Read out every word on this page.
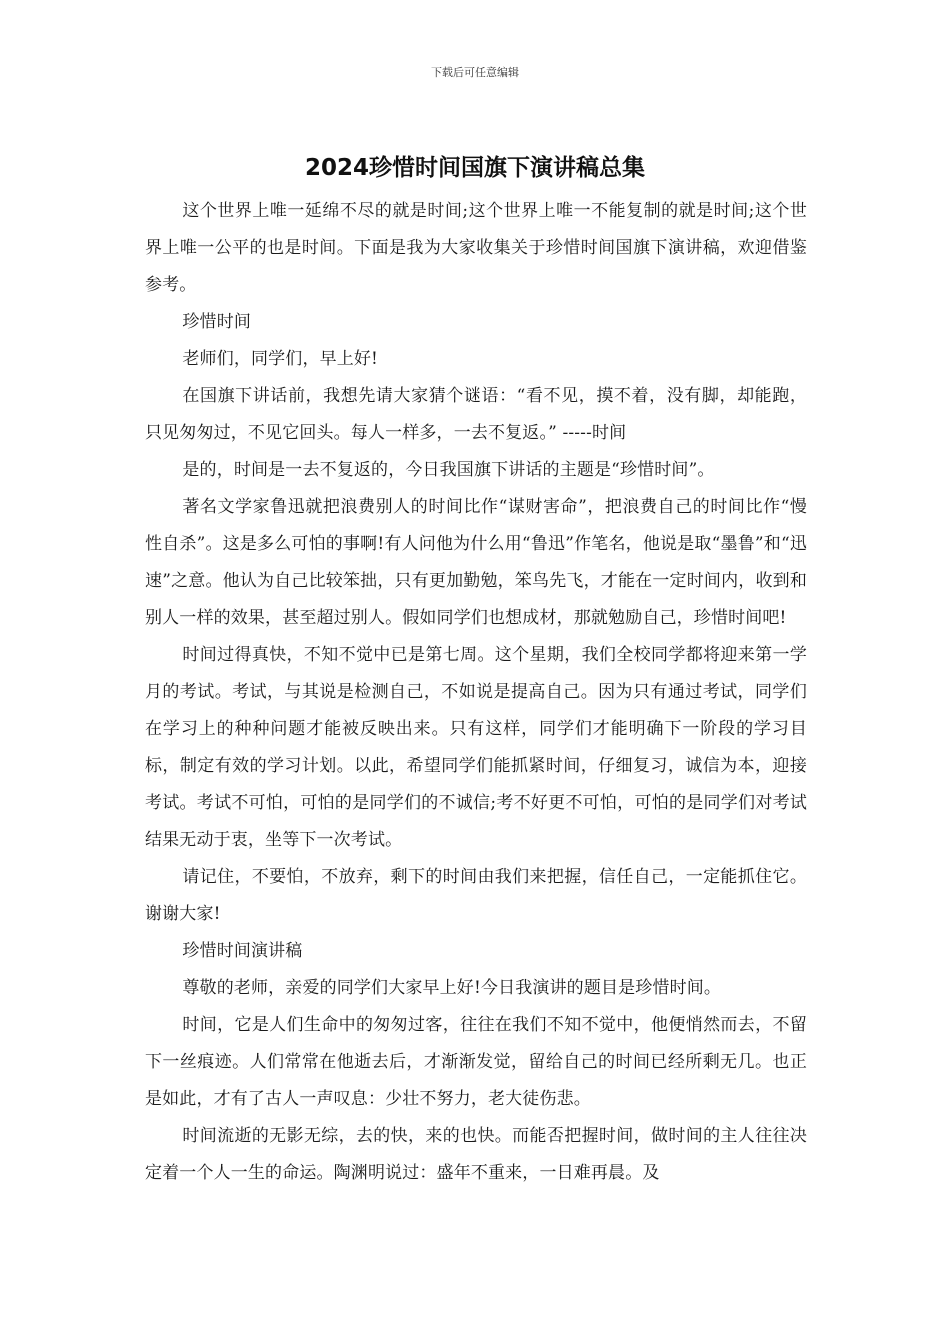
下载后可任意编辑
2024珍惜时间国旗下演讲稿总集

这个世界上唯一延绵不尽的就是时间;这个世界上唯一不能复制的就是时间;这个世界上唯一公平的也是时间。下面是我为大家收集关于珍惜时间国旗下演讲稿，欢迎借鉴参考。

珍惜时间

老师们，同学们，早上好!

在国旗下讲话前，我想先请大家猜个谜语：“看不见，摸不着，没有脚，却能跑，只见匆匆过，不见它回头。每人一样多，一去不复返。” -----时间

是的，时间是一去不复返的，今日我国旗下讲话的主题是“珍惜时间”。

著名文学家鲁迅就把浪费别人的时间比作“谋财害命”，把浪费自己的时间比作“慢性自杀”。这是多么可怕的事啊!有人问他为什么用“鲁迅”作笔名，他说是取“墨鲁”和“迅速”之意。他认为自己比较笨拙，只有更加勤勉，笨鸟先飞，才能在一定时间内，收到和别人一样的效果，甚至超过别人。假如同学们也想成材，那就勉励自己，珍惜时间吧!

时间过得真快，不知不觉中已是第七周。这个星期，我们全校同学都将迎来第一学月的考试。考试，与其说是检测自己，不如说是提高自己。因为只有通过考试，同学们在学习上的种种问题才能被反映出来。只有这样，同学们才能明确下一阶段的学习目标，制定有效的学习计划。以此，希望同学们能抓紧时间，仔细复习，诚信为本，迎接考试。考试不可怕，可怕的是同学们的不诚信;考不好更不可怕，可怕的是同学们对考试结果无动于衷，坐等下一次考试。

请记住，不要怕，不放弃，剩下的时间由我们来把握，信任自己，一定能抓住它。谢谢大家!

珍惜时间演讲稿

尊敬的老师，亲爱的同学们大家早上好!今日我演讲的题目是珍惜时间。

时间，它是人们生命中的匆匆过客，往往在我们不知不觉中，他便悄然而去，不留下一丝痕迹。人们常常在他逝去后，才渐渐发觉，留给自己的时间已经所剩无几。也正是如此，才有了古人一声叹息：少壮不努力，老大徒伤悲。

时间流逝的无影无综，去的快，来的也快。而能否把握时间，做时间的主人往往决定着一个人一生的命运。陶渊明说过：盛年不重来，一日难再晨。及
